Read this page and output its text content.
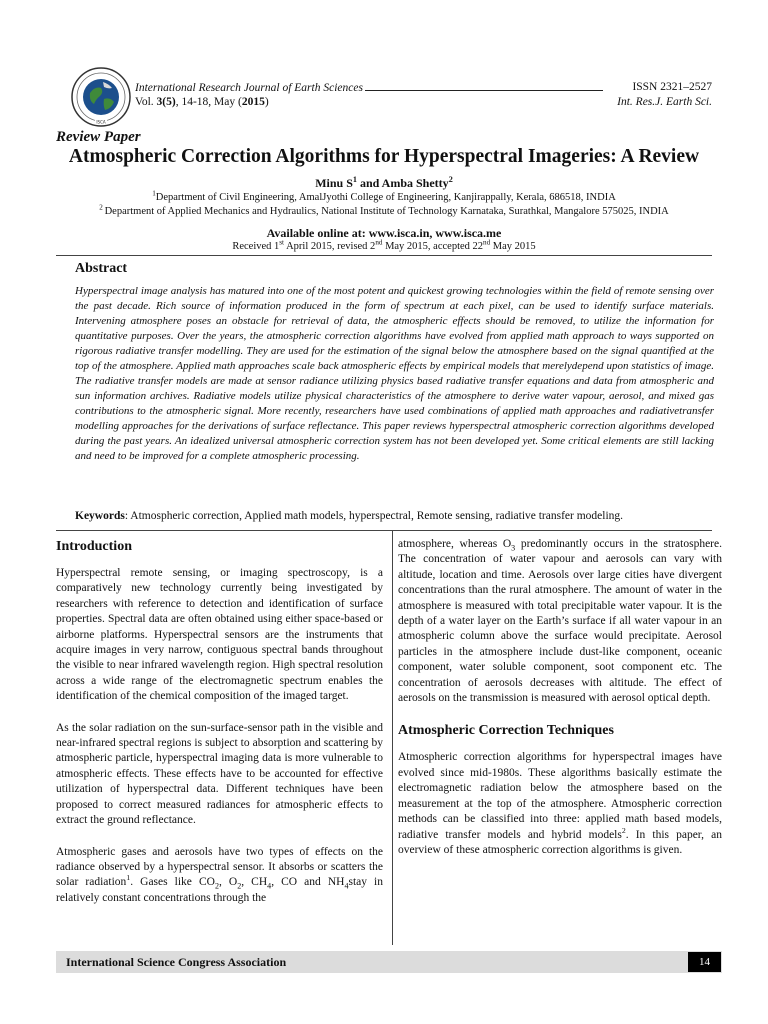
ISCA
International Research Journal of Earth Sciences	ISSN 2321–2527
Vol. 3(5), 14-18, May (2015)	Int. Res.J. Earth Sci.
Review Paper
Atmospheric Correction Algorithms for Hyperspectral Imageries: A Review
Minu $S^1$ and Amba Shetty$^2$
$^1$Department of Civil Engineering, AmalJyothi College of Engineering, Kanjirappally, Kerala, 686518, INDIA
$^2$ Department of Applied Mechanics and Hydraulics, National Institute of Technology Karnataka, Surathkal, Mangalore 575025, INDIA
Available online at: www.isca.in, www.isca.me
Received 1st April 2015, revised 2nd May 2015, accepted 22nd May 2015
Abstract
Hyperspectral image analysis has matured into one of the most potent and quickest growing technologies within the field of remote sensing over the past decade. Rich source of information produced in the form of spectrum at each pixel, can be used to identify surface materials. Intervening atmosphere poses an obstacle for retrieval of data, the atmospheric effects should be removed, to utilize the information for quantitative purposes. Over the years, the atmospheric correction algorithms have evolved from applied math approach to ways supported on rigorous radiative transfer modelling. They are used for the estimation of the signal below the atmosphere based on the signal quantified at the top of the atmosphere. Applied math approaches scale back atmospheric effects by empirical models that merelydepend upon statistics of image. The radiative transfer models are made at sensor radiance utilizing physics based radiative transfer equations and data from atmospheric and sun information archives. Radiative models utilize physical characteristics of the atmosphere to derive water vapour, aerosol, and mixed gas contributions to the atmospheric signal. More recently, researchers have used combinations of applied math approaches and radiativetransfer modelling approaches for the derivations of surface reflectance. This paper reviews hyperspectral atmospheric correction algorithms developed during the past years. An idealized universal atmospheric correction system has not been developed yet. Some critical elements are still lacking and need to be improved for a complete atmospheric processing.
Keywords: Atmospheric correction, Applied math models, hyperspectral, Remote sensing, radiative transfer modeling.
Introduction

Hyperspectral remote sensing, or imaging spectroscopy, is a comparatively new technology currently being investigated by researchers with reference to detection and identification of surface properties. Spectral data are often obtained using either space-based or airborne platforms. Hyperspectral sensors are the instruments that acquire images in very narrow, contiguous spectral bands throughout the visible to near infrared wavelength region. High spectral resolution across a wide range of the electromagnetic spectrum enables the identification of the chemical composition of the imaged target.

As the solar radiation on the sun-surface-sensor path in the visible and near-infrared spectral regions is subject to absorption and scattering by atmospheric particle, hyperspectral imaging data is more vulnerable to atmospheric effects. These effects have to be accounted for effective utilization of hyperspectral data. Different techniques have been proposed to correct measured radiances for atmospheric effects to extract the ground reflectance.

Atmospheric gases and aerosols have two types of effects on the radiance observed by a hyperspectral sensor. It absorbs or scatters the solar radiation$^1$. Gases like $CO_2$, $O_2$, $CH_4$, CO and $NH_4stay$ in relatively constant concentrations through the

atmosphere, whereas $O_3$ predominantly occurs in the stratosphere. The concentration of water vapour and aerosols can vary with altitude, location and time. Aerosols over large cities have divergent concentrations than the rural atmosphere. The amount of water in the atmosphere is measured with total precipitable water vapour. It is the depth of a water layer on the Earth’s surface if all water vapour in an atmospheric column above the surface would precipitate. Aerosol particles in the atmosphere include dust-like component, oceanic component, water soluble component, soot component etc. The concentration of aerosols decreases with altitude. The effect of aerosols on the transmission is measured with aerosol optical depth.

Atmospheric Correction Techniques

Atmospheric correction algorithms for hyperspectral images have evolved since mid-1980s. These algorithms basically estimate the electromagnetic radiation below the atmosphere based on the measurement at the top of the atmosphere. Atmospheric correction methods can be classified into three: applied math based models, radiative transfer models and hybrid models$^2$. In this paper, an overview of these atmospheric correction algorithms is given.

International Science Congress Association	14
